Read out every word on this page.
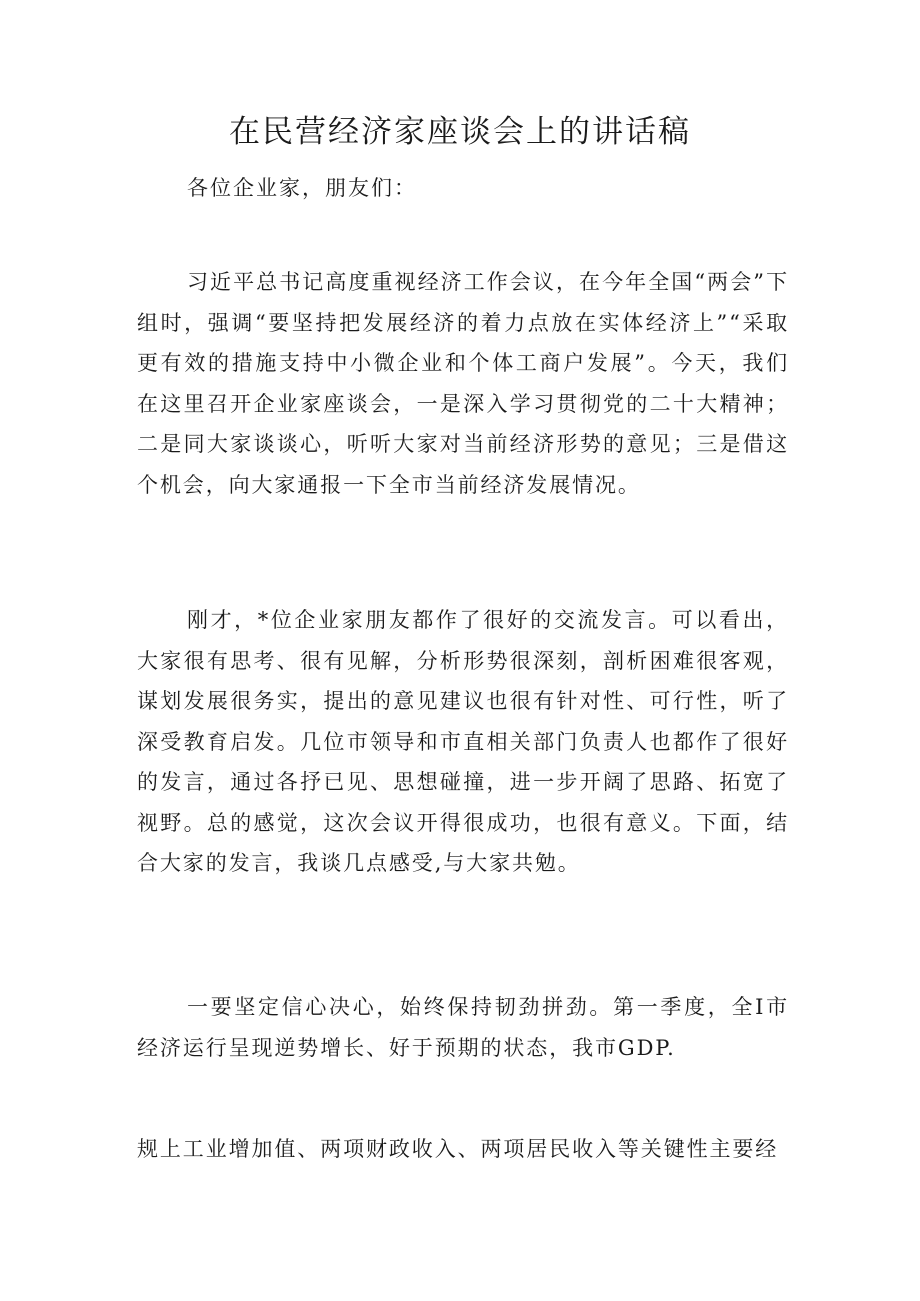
在民营经济家座谈会上的讲话稿

各位企业家，朋友们：

习近平总书记高度重视经济工作会议，在今年全国“两会”下组时，强调“要坚持把发展经济的着力点放在实体经济上”“采取更有效的措施支持中小微企业和个体工商户发展”。今天，我们在这里召开企业家座谈会，一是深入学习贯彻党的二十大精神；二是同大家谈谈心，听听大家对当前经济形势的意见；三是借这个机会，向大家通报一下全市当前经济发展情况。

刚才，*位企业家朋友都作了很好的交流发言。可以看出，大家很有思考、很有见解，分析形势很深刻，剖析困难很客观，谋划发展很务实，提出的意见建议也很有针对性、可行性，听了深受教育启发。几位市领导和市直相关部门负责人也都作了很好的发言，通过各抒已见、思想碰撞，进一步开阔了思路、拓宽了视野。总的感觉，这次会议开得很成功，也很有意义。下面，结合大家的发言，我谈几点感受,与大家共勉。

一要坚定信心决心，始终保持韧劲拼劲。第一季度，全I市经济运行呈现逆势增长、好于预期的状态，我市GDP.

规上工业增加值、两项财政收入、两项居民收入等关键性主要经
